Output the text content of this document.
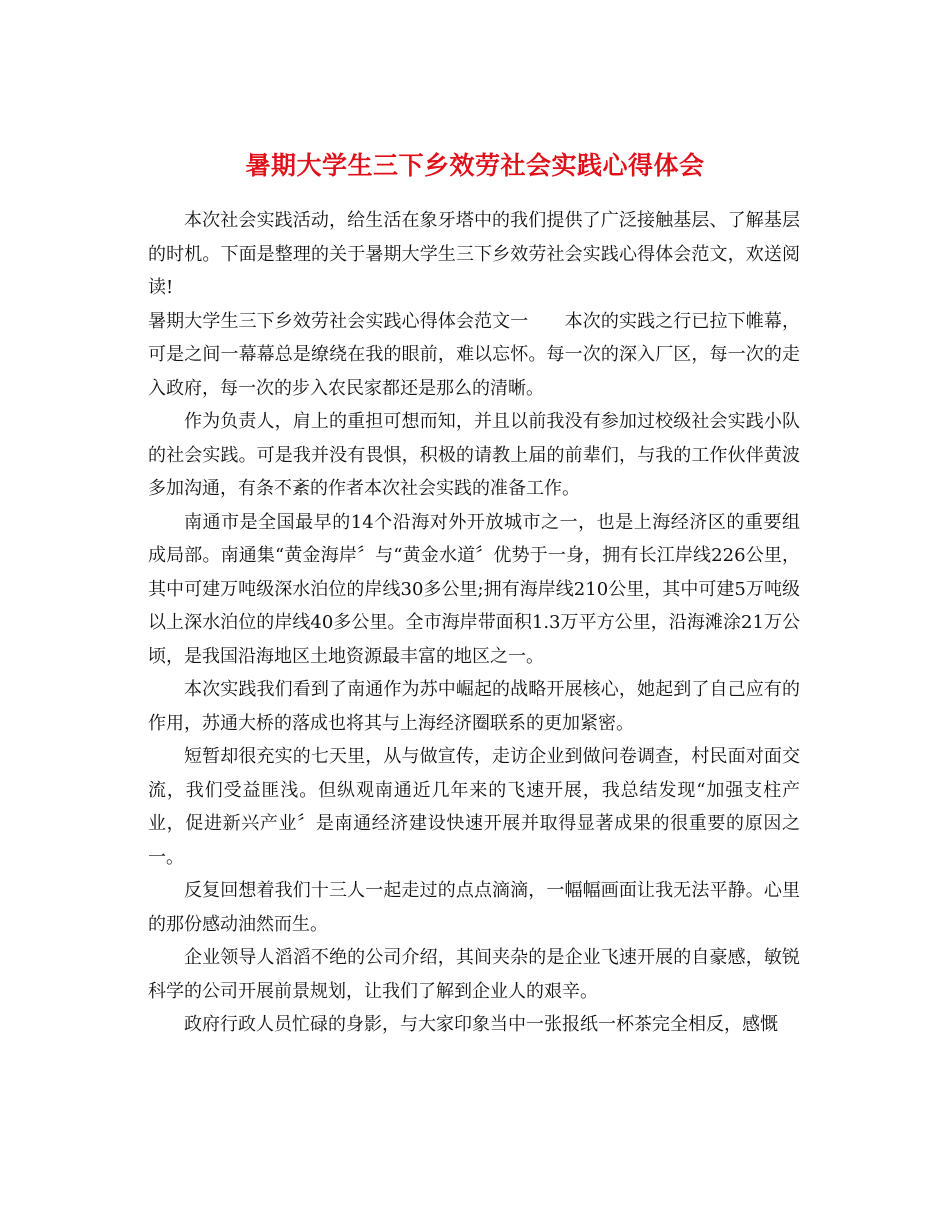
暑期大学生三下乡效劳社会实践心得体会

本次社会实践活动，给生活在象牙塔中的我们提供了广泛接触基层、了解基层的时机。下面是整理的关于暑期大学生三下乡效劳社会实践心得体会范文，欢送阅读!

暑期大学生三下乡效劳社会实践心得体会范文一　　本次的实践之行已拉下帷幕，可是之间一幕幕总是缭绕在我的眼前，难以忘怀。每一次的深入厂区，每一次的走入政府，每一次的步入农民家都还是那么的清晰。

作为负责人，肩上的重担可想而知，并且以前我没有参加过校级社会实践小队的社会实践。可是我并没有畏惧，积极的请教上届的前辈们，与我的工作伙伴黄波多加沟通，有条不紊的作者本次社会实践的准备工作。

南通市是全国最早的14个沿海对外开放城市之一，也是上海经济区的重要组成局部。南通集“黄金海岸〞与“黄金水道〞优势于一身，拥有长江岸线226公里，其中可建万吨级深水泊位的岸线30多公里;拥有海岸线210公里，其中可建5万吨级以上深水泊位的岸线40多公里。全市海岸带面积1.3万平方公里，沿海滩涂21万公顷，是我国沿海地区土地资源最丰富的地区之一。

本次实践我们看到了南通作为苏中崛起的战略开展核心，她起到了自己应有的作用，苏通大桥的落成也将其与上海经济圈联系的更加紧密。

短暂却很充实的七天里，从与做宣传，走访企业到做问卷调查，村民面对面交流，我们受益匪浅。但纵观南通近几年来的飞速开展，我总结发现“加强支柱产业，促进新兴产业〞是南通经济建设快速开展并取得显著成果的很重要的原因之一。

反复回想着我们十三人一起走过的点点滴滴，一幅幅画面让我无法平静。心里的那份感动油然而生。

企业领导人滔滔不绝的公司介绍，其间夹杂的是企业飞速开展的自豪感，敏锐科学的公司开展前景规划，让我们了解到企业人的艰辛。

政府行政人员忙碌的身影，与大家印象当中一张报纸一杯茶完全相反，感慨
